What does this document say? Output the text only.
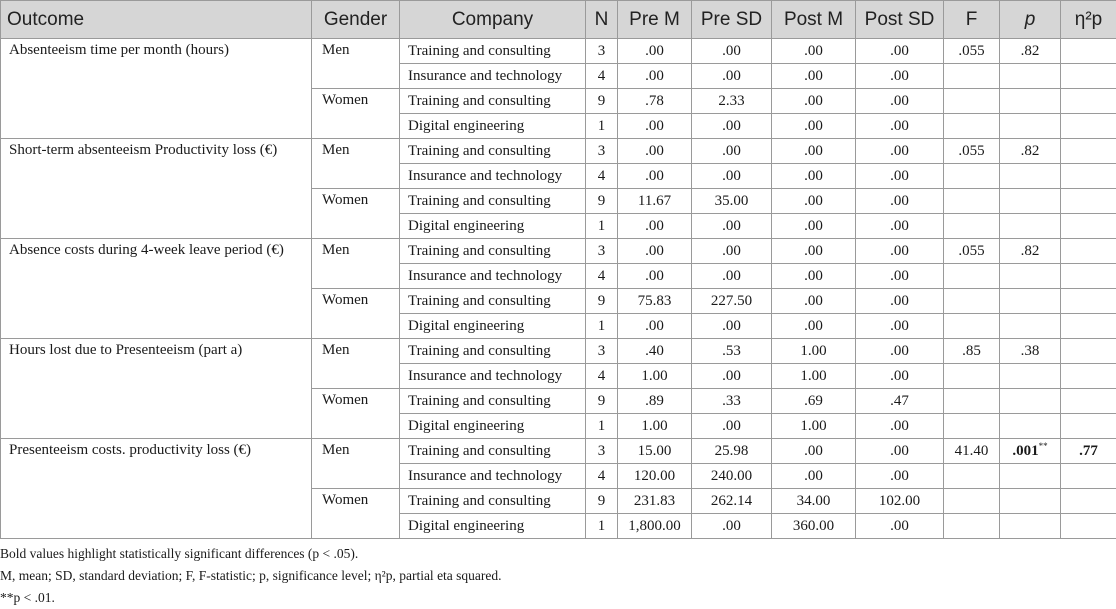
Outcome	Gender	Company	N	Pre M	Pre SD	Post M	Post SD	F	p	η²p
Absenteeism time per month (hours)	Men	Training and consulting	3	.00	.00	.00	.00	.055	.82	
		Insurance and technology	4	.00	.00	.00	.00			
	Women	Training and consulting	9	.78	2.33	.00	.00			
		Digital engineering	1	.00	.00	.00	.00			
Short-term absenteeism Productivity loss (€)	Men	Training and consulting	3	.00	.00	.00	.00	.055	.82	
		Insurance and technology	4	.00	.00	.00	.00			
	Women	Training and consulting	9	11.67	35.00	.00	.00			
		Digital engineering	1	.00	.00	.00	.00			
Absence costs during 4-week leave period (€)	Men	Training and consulting	3	.00	.00	.00	.00	.055	.82	
		Insurance and technology	4	.00	.00	.00	.00			
	Women	Training and consulting	9	75.83	227.50	.00	.00			
		Digital engineering	1	.00	.00	.00	.00			
Hours lost due to Presenteeism (part a)	Men	Training and consulting	3	.40	.53	1.00	.00	.85	.38	
		Insurance and technology	4	1.00	.00	1.00	.00			
	Women	Training and consulting	9	.89	.33	.69	.47			
		Digital engineering	1	1.00	.00	1.00	.00			
Presenteeism costs. productivity loss (€)	Men	Training and consulting	3	15.00	25.98	.00	.00	41.40	.001**	.77
		Insurance and technology	4	120.00	240.00	.00	.00			
	Women	Training and consulting	9	231.83	262.14	34.00	102.00			
		Digital engineering	1	1,800.00	.00	360.00	.00			
Bold values highlight statistically significant differences (p < .05).
M, mean; SD, standard deviation; F, F-statistic; p, significance level; η²p, partial eta squared.
**p < .01.
